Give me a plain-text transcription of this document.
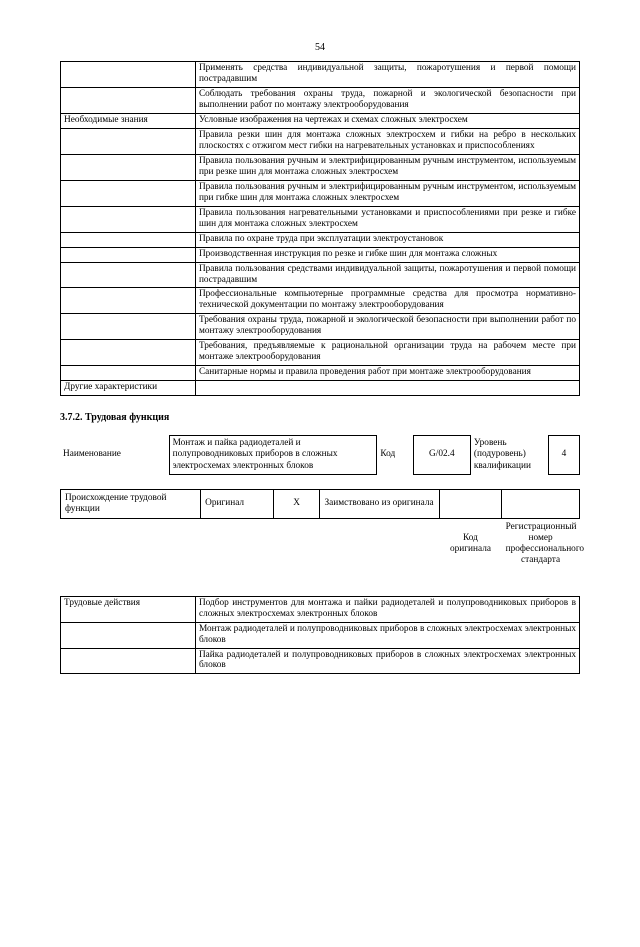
54
	Применять средства индивидуальной защиты, пожаротушения и первой помощи пострадавшим
	Соблюдать требования охраны труда, пожарной и экологической безопасности при выполнении работ по монтажу электрооборудования
Необходимые знания	Условные изображения на чертежах и схемах сложных электросхем
	Правила резки шин для монтажа сложных электросхем и гибки на ребро в нескольких плоскостях с отжигом мест гибки на нагревательных установках и приспособлениях
	Правила пользования ручным и электрифицированным ручным инструментом, используемым при резке шин для монтажа сложных электросхем
	Правила пользования ручным и электрифицированным ручным инструментом, используемым при гибке шин для монтажа сложных электросхем
	Правила пользования нагревательными установками и приспособлениями при резке и гибке шин для монтажа сложных электросхем
	Правила по охране труда при эксплуатации электроустановок
	Производственная инструкция по резке и гибке шин для монтажа сложных
	Правила пользования средствами индивидуальной защиты, пожаротушения и первой помощи пострадавшим
	Профессиональные компьютерные программные средства для просмотра нормативно-технической документации по монтажу электрооборудования
	Требования охраны труда, пожарной и экологической безопасности при выполнении работ по монтажу электрооборудования
	Требования, предъявляемые к рациональной организации труда на рабочем месте при монтаже электрооборудования
	Санитарные нормы и правила проведения работ при монтаже электрооборудования
Другие характеристики	
3.7.2. Трудовая функция
Наименование	Монтаж и пайка радиодеталей и полупроводниковых приборов в сложных электросхемах электронных блоков	Код	G/02.4	Уровень (подуровень) квалификации	4
Происхождение трудовой функции	Оригинал	X	Заимствовано из оригинала		
				Код оригинала	Регистрационный номер профессионального стандарта
Трудовые действия	Подбор инструментов для монтажа и пайки радиодеталей и полупроводниковых приборов в сложных электросхемах электронных блоков
	Монтаж радиодеталей и полупроводниковых приборов в сложных электросхемах электронных блоков
	Пайка радиодеталей и полупроводниковых приборов в сложных электросхемах электронных блоков
